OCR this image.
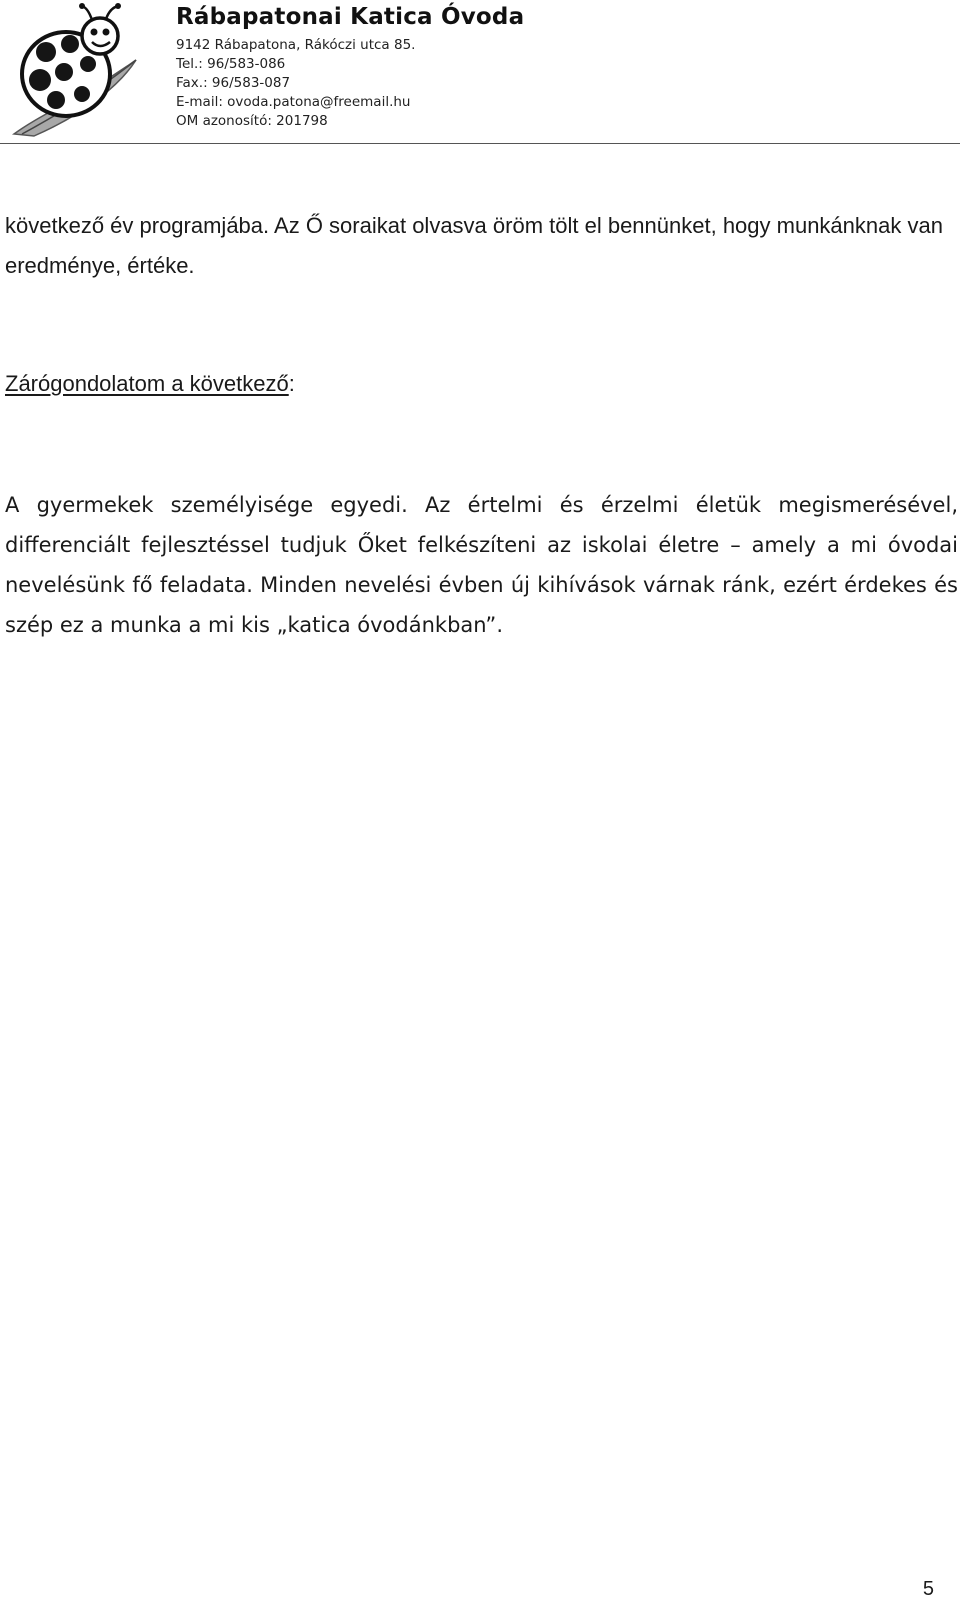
Rábapatonai Katica Óvoda
9142 Rábapatona, Rákóczi utca 85.
Tel.: 96/583-086
Fax.: 96/583-087
E-mail: ovoda.patona@freemail.hu
OM azonosító: 201798

következő év programjába. Az Ő soraikat olvasva öröm tölt el bennünket, hogy munkánknak van eredménye, értéke.

Zárógondolatom a következő:

A gyermekek személyisége egyedi. Az értelmi és érzelmi életük megismerésével, differenciált fejlesztéssel tudjuk Őket felkészíteni az iskolai életre – amely a mi óvodai nevelésünk fő feladata. Minden nevelési évben új kihívások várnak ránk, ezért érdekes és szép ez a munka a mi kis „katica óvodánkban”.

5
